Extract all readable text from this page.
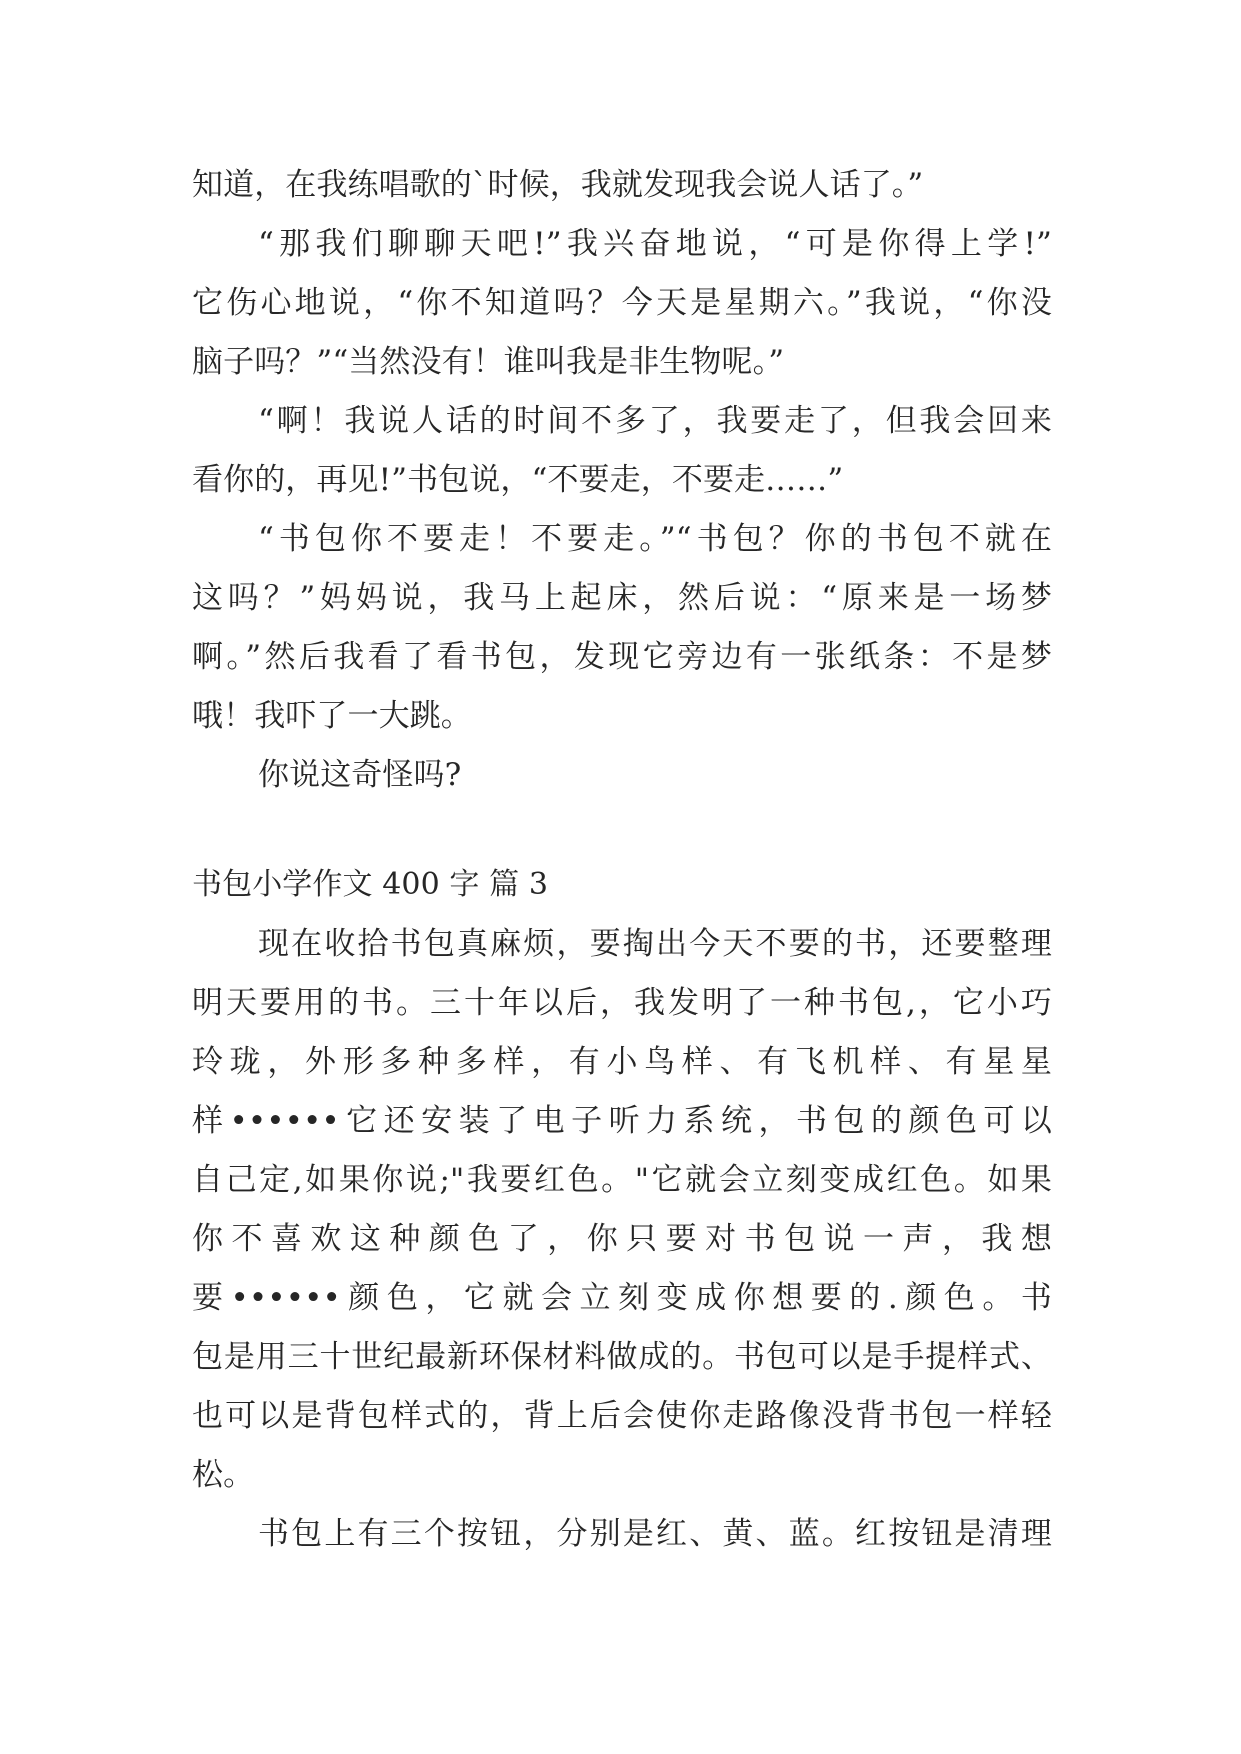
知道，在我练唱歌的`时候，我就发现我会说人话了。”
“那我们聊聊天吧!”我兴奋地说，“可是你得上学!”
它伤心地说，“你不知道吗？今天是星期六。”我说，“你没
脑子吗？”“当然没有！谁叫我是非生物呢。”
“啊！我说人话的时间不多了，我要走了，但我会回来
看你的，再见!”书包说，“不要走，不要走……”
“书包你不要走！不要走。”“书包？你的书包不就在
这吗？”妈妈说，我马上起床，然后说：“原来是一场梦
啊。”然后我看了看书包，发现它旁边有一张纸条：不是梦
哦！我吓了一大跳。
你说这奇怪吗?
书包小学作文 400 字 篇 3
现在收拾书包真麻烦，要掏出今天不要的书，还要整理
明天要用的书。三十年以后，我发明了一种书包,，它小巧
玲珑，外形多种多样，有小鸟样、有飞机样、有星星
样••••••它还安装了电子听力系统，书包的颜色可以
自己定,如果你说;"我要红色。"它就会立刻变成红色。如果
你不喜欢这种颜色了，你只要对书包说一声，我想
要••••••颜色，它就会立刻变成你想要的.颜色。书
包是用三十世纪最新环保材料做成的。书包可以是手提样式、
也可以是背包样式的，背上后会使你走路像没背书包一样轻
松。
书包上有三个按钮，分别是红、黄、蓝。红按钮是清理
